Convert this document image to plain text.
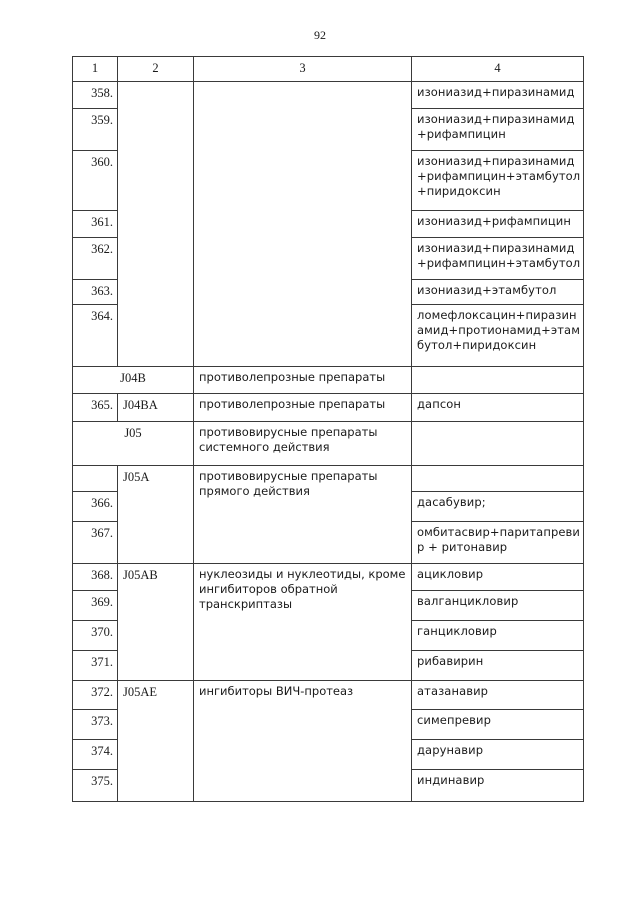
92
1	2	3	4
358.			изониазид+пиразинамид
359.			изониазид+пиразинамид +рифампицин
360.			изониазид+пиразинамид +рифампицин+этамбутол +пиридоксин
361.			изониазид+рифампицин
362.			изониазид+пиразинамид +рифампицин+этамбутол
363.			изониазид+этамбутол
364.			ломефлоксацин+пиразин амид+протионамид+этам бутол+пиридоксин
J04B		противолепрозные препараты	
365.	J04BA	противолепрозные препараты	дапсон
J05		противовирусные препараты системного действия	
	J05A	противовирусные препараты прямого действия	
366.			дасабувир;
367.			омбитасвир+паритапреви р + ритонавир
368.	J05AB	нуклеозиды и нуклеотиды, кроме ингибиторов обратной транскриптазы	ацикловир
369.			валганцикловир
370.			ганцикловир
371.			рибавирин
372.	J05AE	ингибиторы ВИЧ-протеаз	атазанавир
373.			симепревир
374.			дарунавир
375.			индинавир
